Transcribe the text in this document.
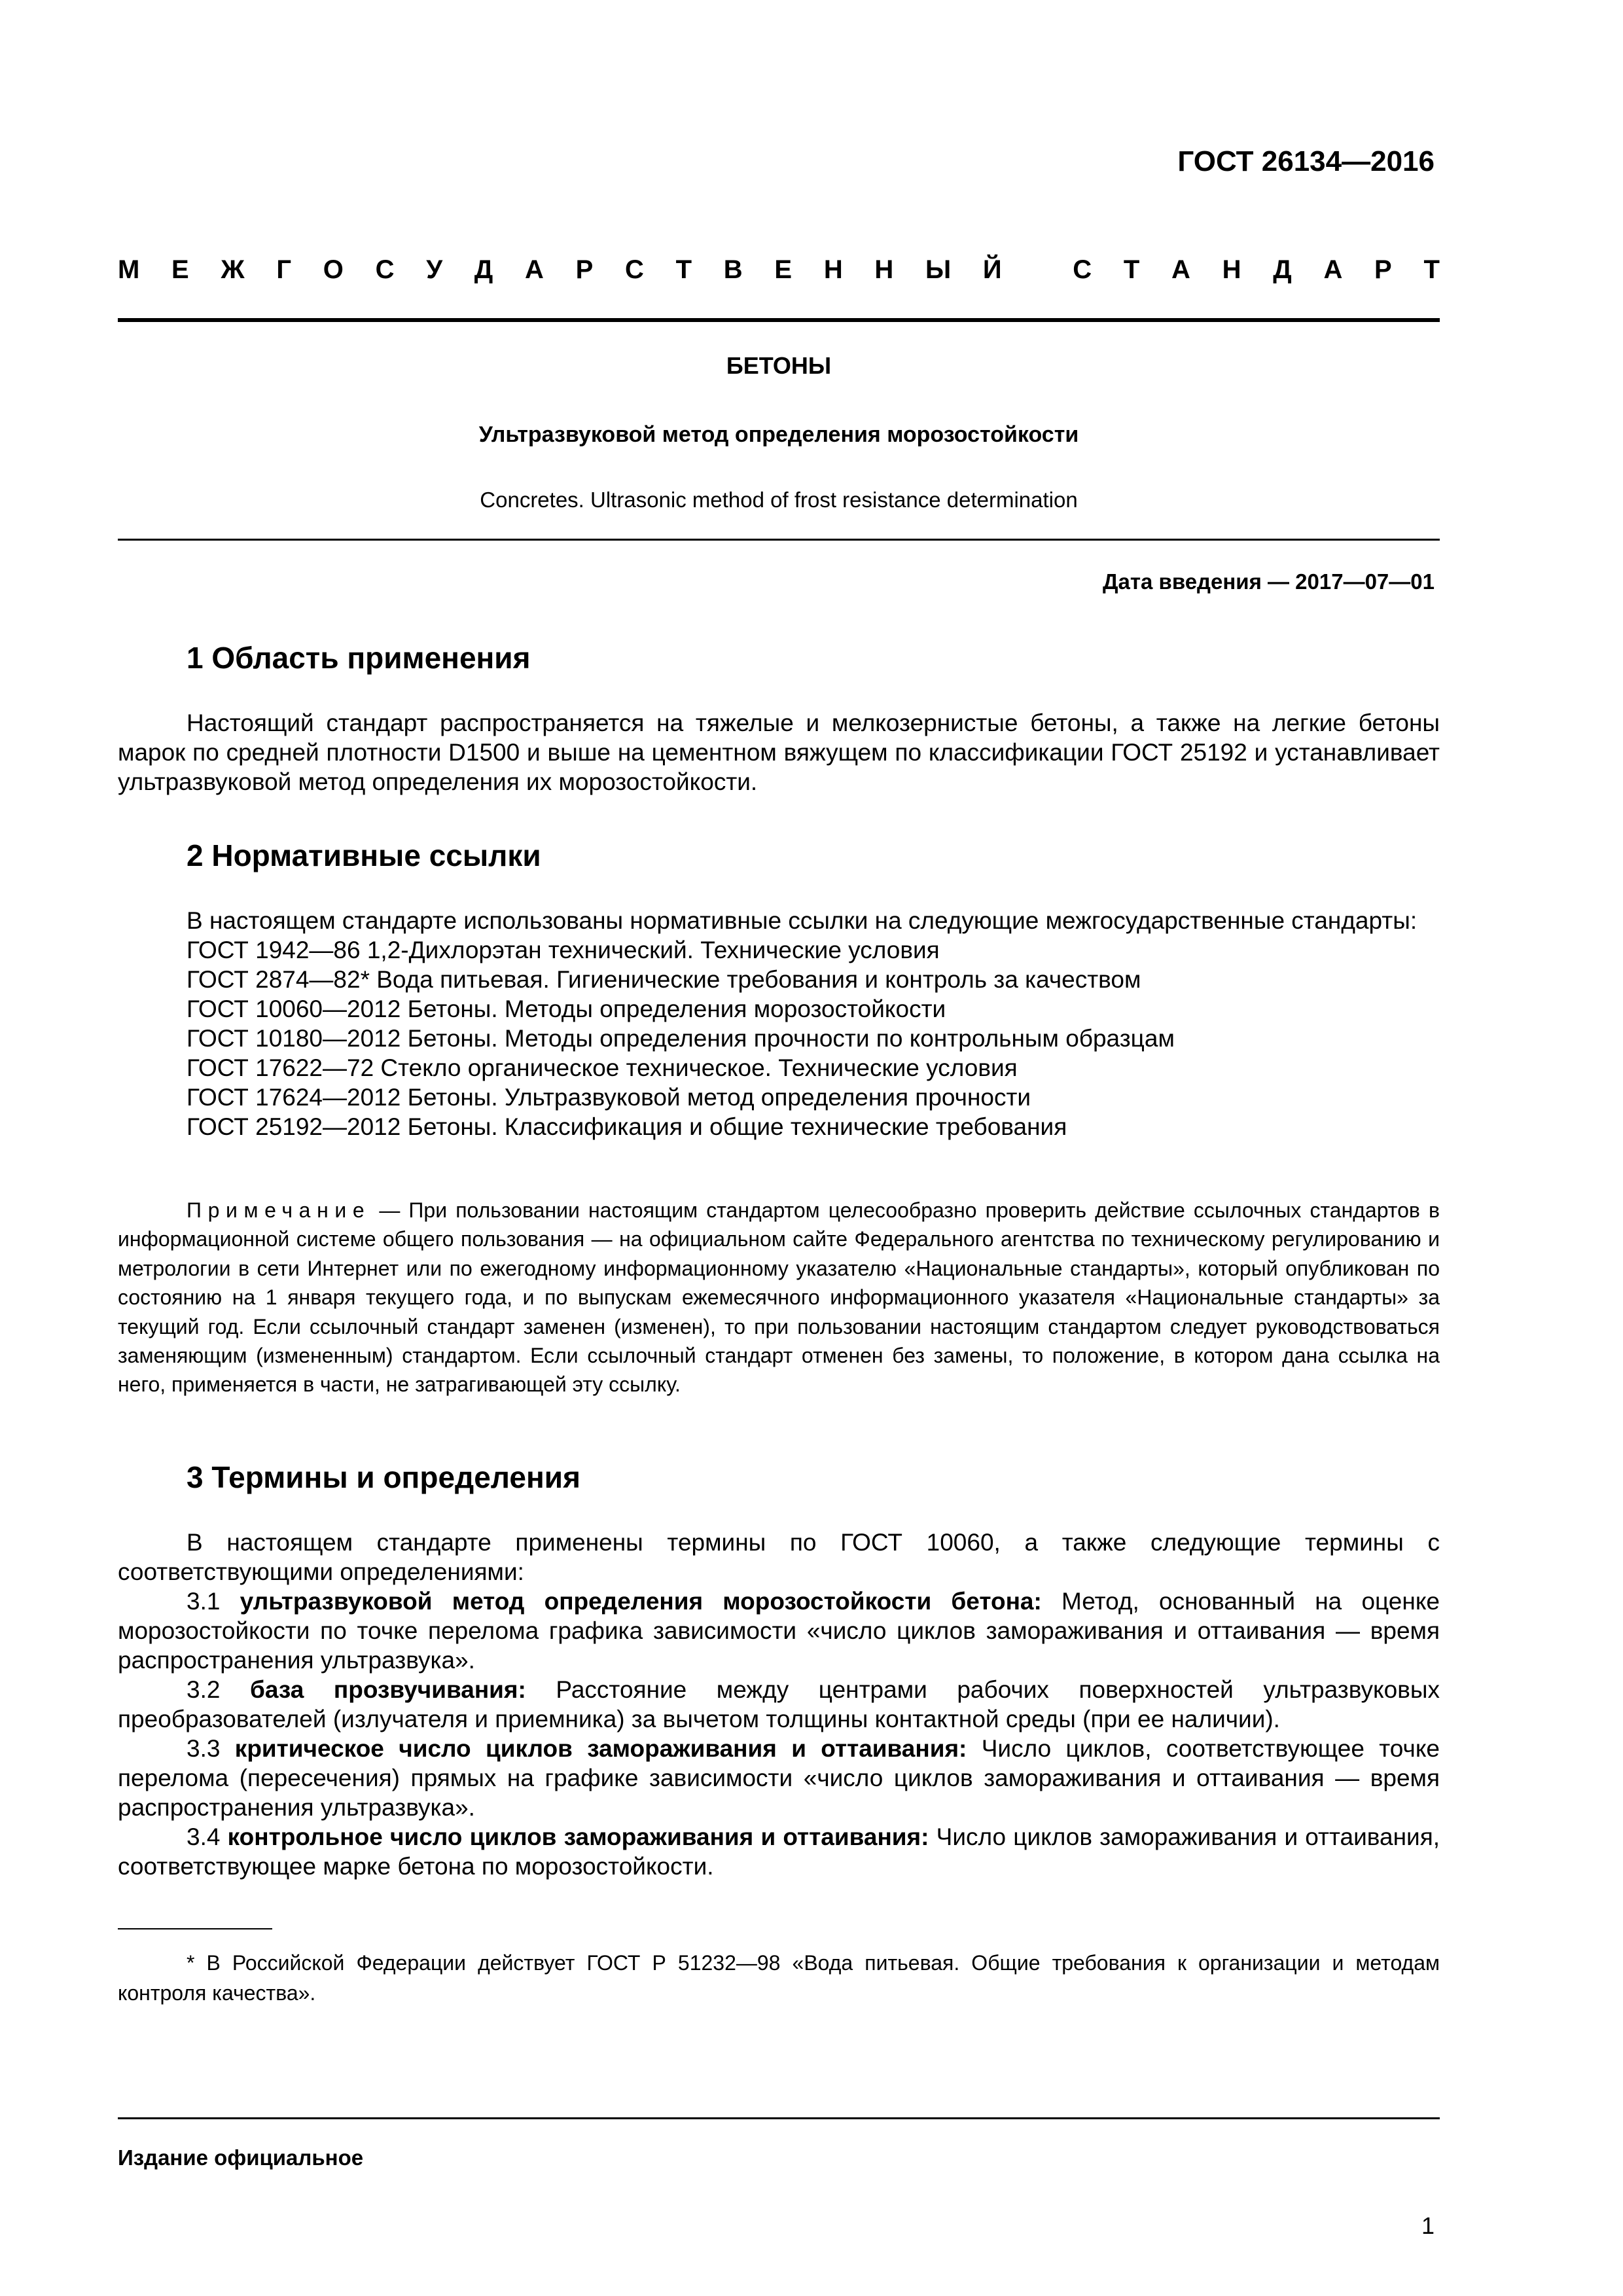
ГОСТ 26134—2016
М Е Ж Г О С У Д А Р С Т В Е Н Н Ы Й
	С Т А Н Д А Р Т
БЕТОНЫ
Ультразвуковой метод определения морозостойкости
Concretes. Ultrasonic method of frost resistance determination
Дата введения — 2017—07—01
1 Область применения

Настоящий стандарт распространяется на тяжелые и мелкозернистые бетоны, а также на легкие бетоны марок по средней плотности D1500 и выше на цементном вяжущем по классификации ГОСТ 25192 и устанавливает ультразвуковой метод определения их морозостойкости.

2 Нормативные ссылки

В настоящем стандарте использованы нормативные ссылки на следующие межгосударственные стандарты:

ГОСТ 1942—86 1,2-Дихлорэтан технический. Технические условия

ГОСТ 2874—82* Вода питьевая. Гигиенические требования и контроль за качеством

ГОСТ 10060—2012 Бетоны. Методы определения морозостойкости

ГОСТ 10180—2012 Бетоны. Методы определения прочности по контрольным образцам

ГОСТ 17622—72 Стекло органическое техническое. Технические условия

ГОСТ 17624—2012 Бетоны. Ультразвуковой метод определения прочности

ГОСТ 25192—2012 Бетоны. Классификация и общие технические требования

Примечание — При пользовании настоящим стандартом целесообразно проверить действие ссылочных стандартов в информационной системе общего пользования — на официальном сайте Федерального агентства по техническому регулированию и метрологии в сети Интернет или по ежегодному информационному указателю «Национальные стандарты», который опубликован по состоянию на 1 января текущего года, и по выпускам ежемесячного информационного указателя «Национальные стандарты» за текущий год. Если ссылочный стандарт заменен (изменен), то при пользовании настоящим стандартом следует руководствоваться заменяющим (измененным) стандартом. Если ссылочный стандарт отменен без замены, то положение, в котором дана ссылка на него, применяется в части, не затрагивающей эту ссылку.

3 Термины и определения

В настоящем стандарте применены термины по ГОСТ 10060, а также следующие термины с соответствующими определениями:

3.1 ультразвуковой метод определения морозостойкости бетона: Метод, основанный на оценке морозостойкости по точке перелома графика зависимости «число циклов замораживания и оттаивания — время распространения ультразвука».

3.2 база прозвучивания: Расстояние между центрами рабочих поверхностей ультразвуковых преобразователей (излучателя и приемника) за вычетом толщины контактной среды (при ее наличии).

3.3 критическое число циклов замораживания и оттаивания: Число циклов, соответствующее точке перелома (пересечения) прямых на графике зависимости «число циклов замораживания и оттаивания — время распространения ультразвука».

3.4 контрольное число циклов замораживания и оттаивания: Число циклов замораживания и оттаивания, соответствующее марке бетона по морозостойкости.

* В Российской Федерации действует ГОСТ Р 51232—98 «Вода питьевая. Общие требования к организации и методам контроля качества».

Издание официальное
1
